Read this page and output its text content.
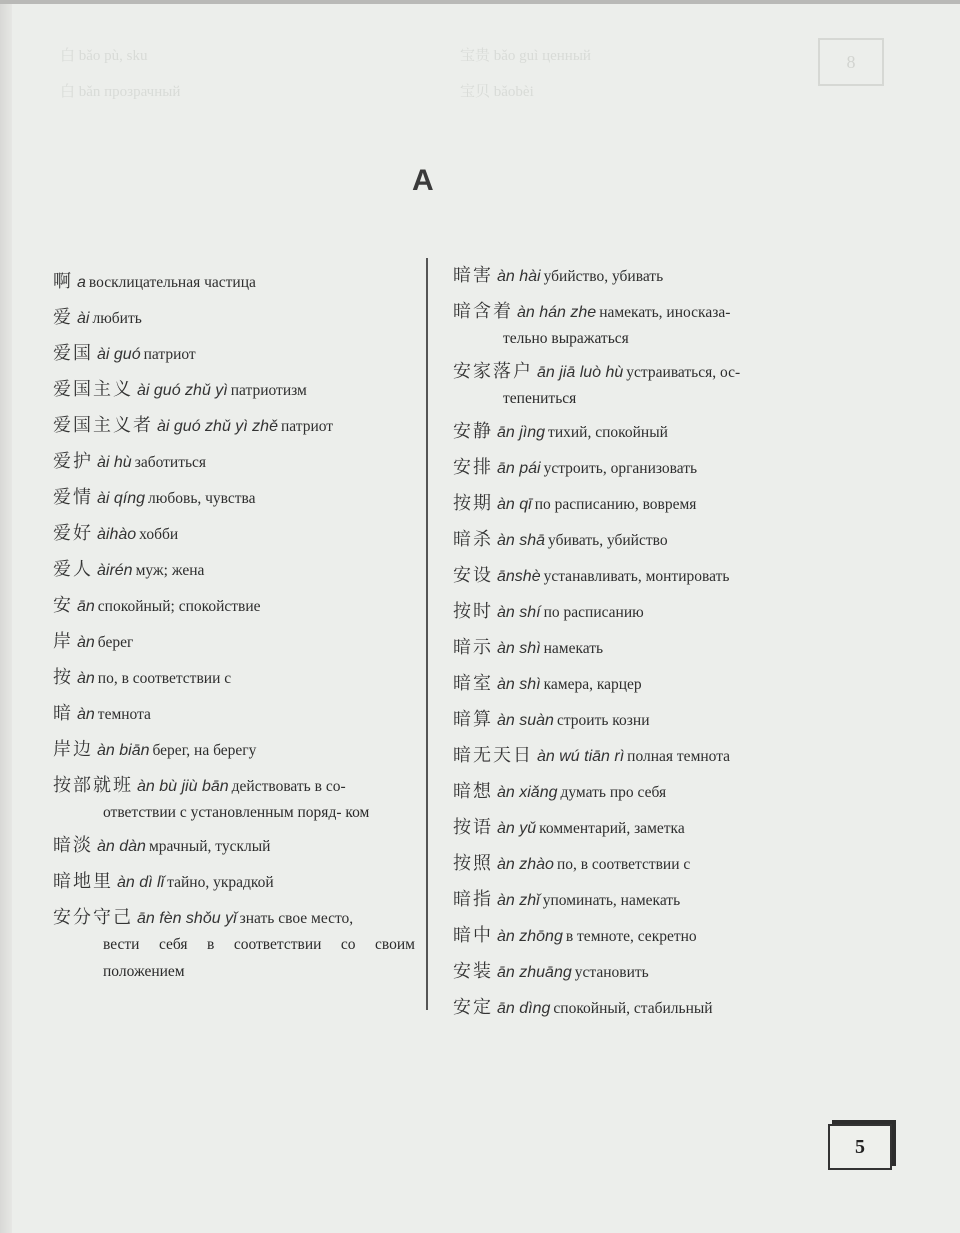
白 bǎo pù, sku
白 bǎn прозрачный
宝贵 bǎo guì ценный
宝贝 bǎobèi
8
A
啊 a восклицательная частица
爱 ài любить
爱国 ài guó патриот
爱国主义 ài guó zhǔ yì патриотизм
爱国主义者 ài guó zhǔ yì zhě патриот
爱护 ài hù заботиться
爱情 ài qíng любовь, чувства
爱好 àihào хобби
爱人 àirén муж; жена
安 ān спокойный; спокойствие
岸 àn берег
按 àn по, в соответствии с
暗 àn темнота
岸边 àn biān берег, на берегу
按部就班 àn bù jiù bān действовать в со-
ответствии с установленным поряд- ком
暗淡 àn dàn мрачный, тусклый
暗地里 àn dì lǐ тайно, украдкой
安分守己 ān fèn shǒu yǐ знать свое место,
вести себя в соответствии со своим положением
暗害 àn hài убийство, убивать
暗含着 àn hán zhe намекать, иносказа-
тельно выражаться
安家落户 ān jiā luò hù устраиваться, ос-
тепениться
安静 ān jìng тихий, спокойный
安排 ān pái устроить, организовать
按期 àn qī по расписанию, вовремя
暗杀 àn shā убивать, убийство
安设 ānshè устанавливать, монтировать
按时 àn shí по расписанию
暗示 àn shì намекать
暗室 àn shì камера, карцер
暗算 àn suàn строить козни
暗无天日 àn wú tiān rì полная темнота
暗想 àn xiǎng думать про себя
按语 àn yǔ комментарий, заметка
按照 àn zhào по, в соответствии с
暗指 àn zhǐ упоминать, намекать
暗中 àn zhōng в темноте, секретно
安装 ān zhuāng установить
安定 ān dìng спокойный, стабильный
5
